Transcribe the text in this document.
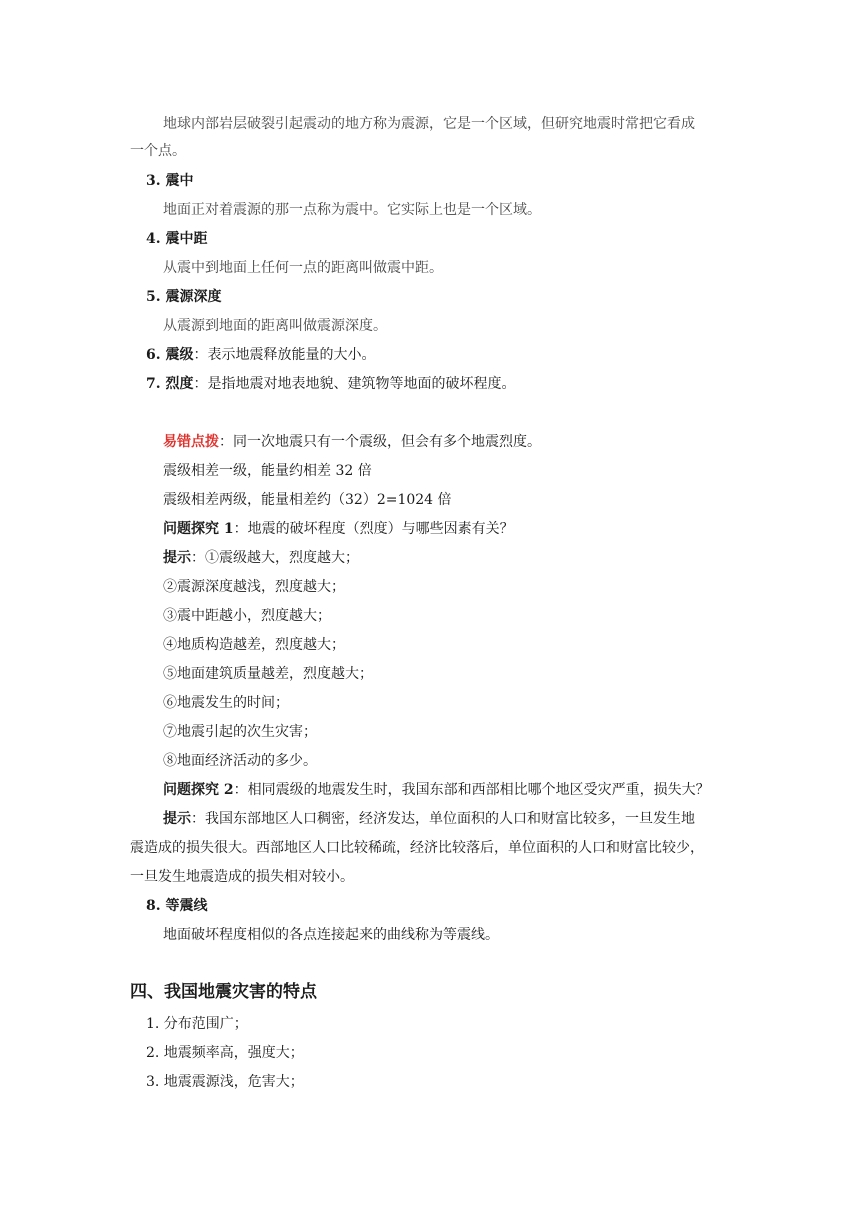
地球内部岩层破裂引起震动的地方称为震源，它是一个区域，但研究地震时常把它看成
一个点。
3. 震中
地面正对着震源的那一点称为震中。它实际上也是一个区域。
4. 震中距
从震中到地面上任何一点的距离叫做震中距。
5. 震源深度
从震源到地面的距离叫做震源深度。
6. 震级：表示地震释放能量的大小。
7. 烈度：是指地震对地表地貌、建筑物等地面的破坏程度。
易错点拨：同一次地震只有一个震级，但会有多个地震烈度。
震级相差一级，能量约相差 32 倍
震级相差两级，能量相差约（32）2=1024 倍
问题探究 1：地震的破坏程度（烈度）与哪些因素有关？
提示：①震级越大，烈度越大；
②震源深度越浅，烈度越大；
③震中距越小，烈度越大；
④地质构造越差，烈度越大；
⑤地面建筑质量越差，烈度越大；
⑥地震发生的时间；
⑦地震引起的次生灾害；
⑧地面经济活动的多少。
问题探究 2：相同震级的地震发生时，我国东部和西部相比哪个地区受灾严重，损失大？
提示：我国东部地区人口稠密，经济发达，单位面积的人口和财富比较多，一旦发生地
震造成的损失很大。西部地区人口比较稀疏，经济比较落后，单位面积的人口和财富比较少，
一旦发生地震造成的损失相对较小。
8. 等震线
地面破坏程度相似的各点连接起来的曲线称为等震线。
四、我国地震灾害的特点
1. 分布范围广；
2. 地震频率高，强度大；
3. 地震震源浅，危害大；
